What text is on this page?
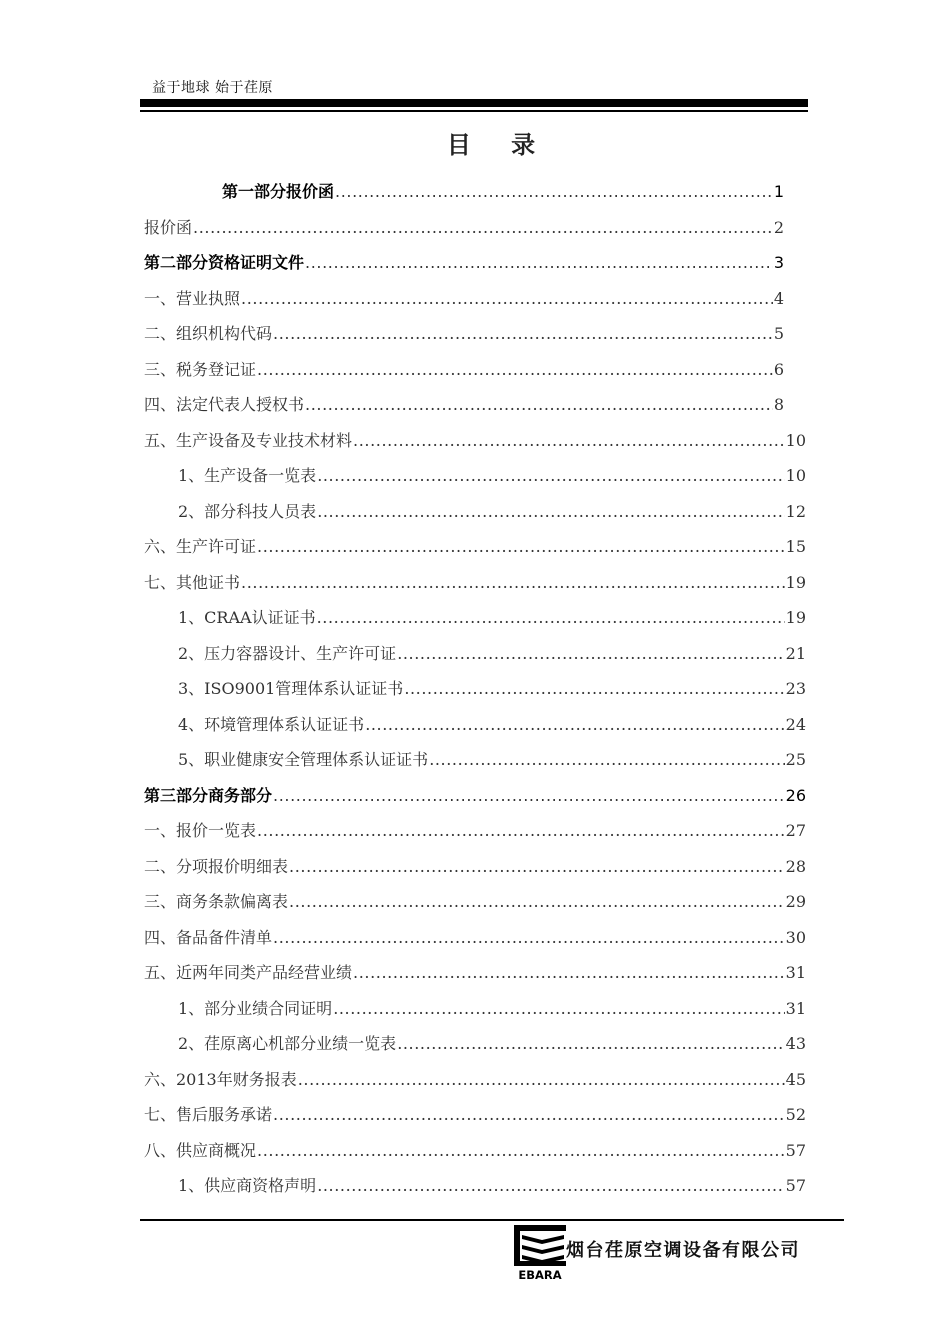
益于地球 始于荏原
目 录
第一部分报价函 .....	1
报价函 .....	2
第二部分资格证明文件 .....	3
一、营业执照 .....	4
二、组织机构代码 .....	5
三、税务登记证 .....	6
四、法定代表人授权书 .....	8
五、生产设备及专业技术材料 .....	10
1、生产设备一览表 .....	10
2、部分科技人员表 .....	12
六、生产许可证 .....	15
七、其他证书 .....	19
1、CRAA认证证书 .....	19
2、压力容器设计、生产许可证 .....	21
3、ISO9001管理体系认证证书 .....	23
4、环境管理体系认证证书 .....	24
5、职业健康安全管理体系认证证书 .....	25
第三部分商务部分 .....	26
一、报价一览表 .....	27
二、分项报价明细表 .....	28
三、商务条款偏离表 .....	29
四、备品备件清单 .....	30
五、近两年同类产品经营业绩 .....	31
1、部分业绩合同证明 .....	31
2、荏原离心机部分业绩一览表 .....	43
六、2013年财务报表 .....	45
七、售后服务承诺 .....	52
八、供应商概况 .....	57
1、供应商资格声明 .....	57
EBARA
烟台荏原空调设备有限公司
